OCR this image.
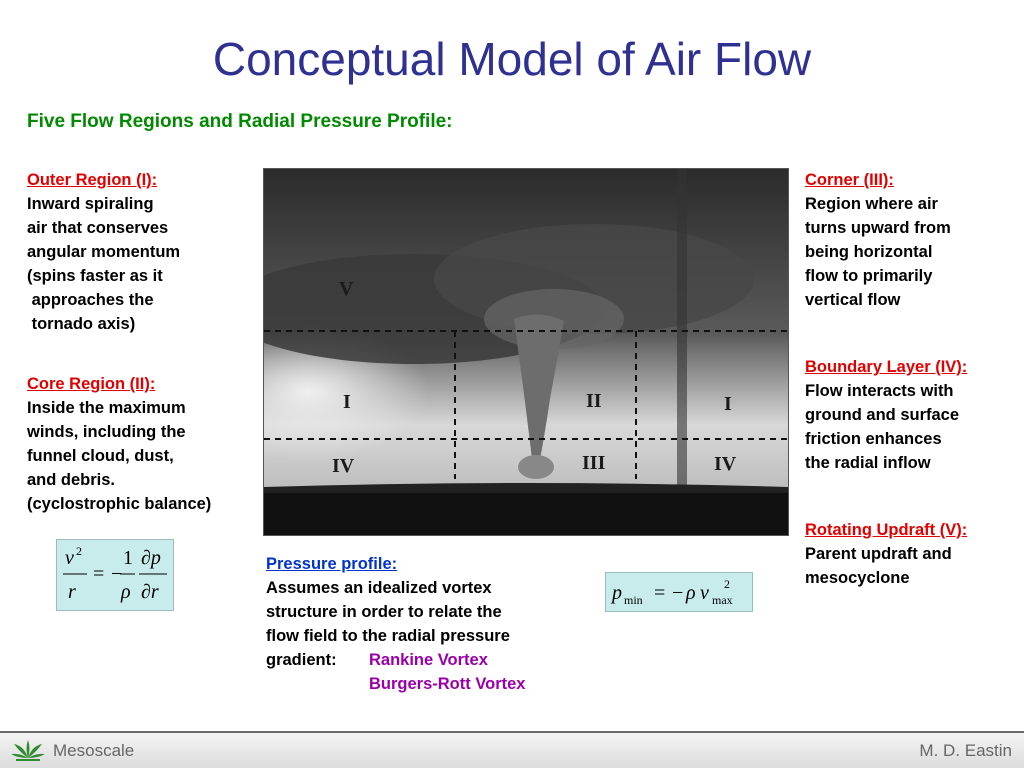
Conceptual Model of Air Flow
Five Flow Regions and Radial Pressure Profile:
Outer Region (I):
Inward spiraling
air that conserves
angular momentum
(spins faster as it
approaches the
tornado axis)
Core Region (II):
Inside the maximum
winds, including the
funnel cloud, dust,
and debris.
(cyclostrophic balance)
Corner (III):
Region where air
turns upward from
being horizontal
flow to primarily
vertical flow
Boundary Layer (IV):
Flow interacts with
ground and surface
friction enhances
the radial inflow
Rotating Updraft (V):
Parent updraft and
mesocyclone
Pressure profile:
Assumes an idealized vortex
structure in order to relate the
flow field to the radial pressure
gradient: Rankine Vortex
Burgers-Rott Vortex
V
I	II	I
IV	III	IV
v 2
r
= −
1
ρ
∂p
∂r	p min = − ρ v 2
max
Mesoscale	M. D. Eastin
